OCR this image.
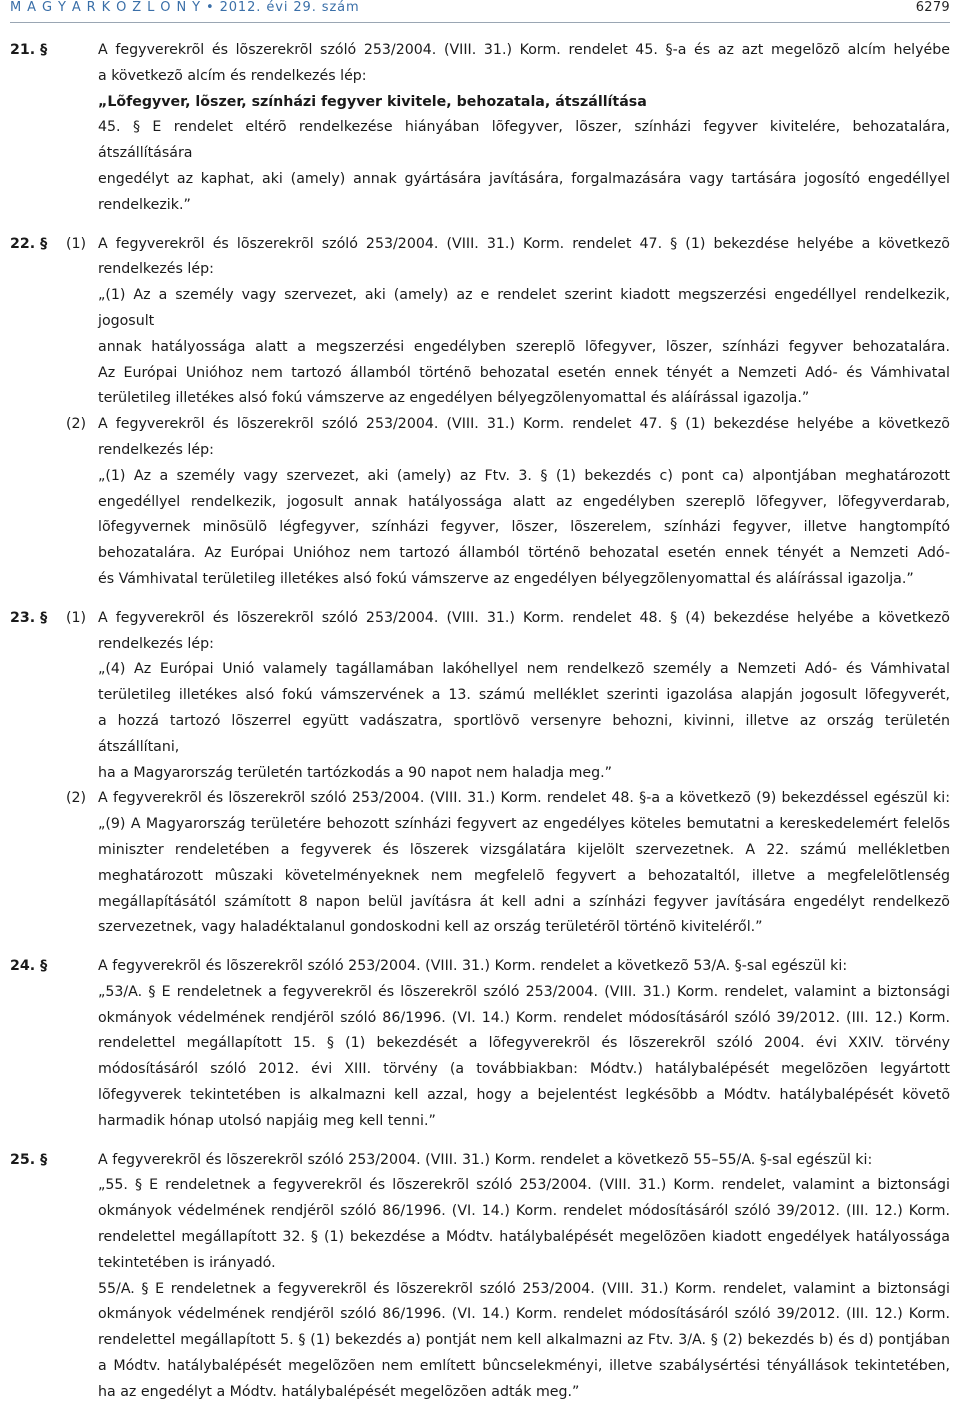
M A G Y A R K Ö Z L Ö N Y • 2012. évi 29. szám	6279
21. §	A fegyverekrõl és lõszerekrõl szóló 253/2004. (VIII. 31.) Korm. rendelet 45. §-a és az azt megelõzõ alcím helyébe
a következõ alcím és rendelkezés lép:
„Lõfegyver, lõszer, színházi fegyver kivitele, behozatala, átszállítása
45. § E rendelet eltérõ rendelkezése hiányában lõfegyver, lõszer, színházi fegyver kivitelére, behozatalára, átszállítására
engedélyt az kaphat, aki (amely) annak gyártására javítására, forgalmazására vagy tartására jogosító engedéllyel
rendelkezik.”
22. §	(1) A fegyverekrõl és lõszerekrõl szóló 253/2004. (VIII. 31.) Korm. rendelet 47. § (1) bekezdése helyébe a következõ
rendelkezés lép:
„(1) Az a személy vagy szervezet, aki (amely) az e rendelet szerint kiadott megszerzési engedéllyel rendelkezik, jogosult
annak hatályossága alatt a megszerzési engedélyben szereplõ lõfegyver, lõszer, színházi fegyver behozatalára.
Az Európai Unióhoz nem tartozó államból történõ behozatal esetén ennek tényét a Nemzeti Adó- és Vámhivatal
területileg illetékes alsó fokú vámszerve az engedélyen bélyegzõlenyomattal és aláírással igazolja.”
(2) A fegyverekrõl és lõszerekrõl szóló 253/2004. (VIII. 31.) Korm. rendelet 47. § (1) bekezdése helyébe a következõ
rendelkezés lép:
„(1) Az a személy vagy szervezet, aki (amely) az Ftv. 3. § (1) bekezdés c) pont ca) alpontjában meghatározott
engedéllyel rendelkezik, jogosult annak hatályossága alatt az engedélyben szereplõ lõfegyver, lõfegyverdarab,
lõfegyvernek minõsülõ légfegyver, színházi fegyver, lõszer, lõszerelem, színházi fegyver, illetve hangtompító
behozatalára. Az Európai Unióhoz nem tartozó államból történõ behozatal esetén ennek tényét a Nemzeti Adó-
és Vámhivatal területileg illetékes alsó fokú vámszerve az engedélyen bélyegzõlenyomattal és aláírással igazolja.”
23. §	(1) A fegyverekrõl és lõszerekrõl szóló 253/2004. (VIII. 31.) Korm. rendelet 48. § (4) bekezdése helyébe a következõ
rendelkezés lép:
„(4) Az Európai Unió valamely tagállamában lakóhellyel nem rendelkezõ személy a Nemzeti Adó- és Vámhivatal
területileg illetékes alsó fokú vámszervének a 13. számú melléklet szerinti igazolása alapján jogosult lõfegyverét,
a hozzá tartozó lõszerrel együtt vadászatra, sportlövõ versenyre behozni, kivinni, illetve az ország területén átszállítani,
ha a Magyarország területén tartózkodás a 90 napot nem haladja meg.”
(2) A fegyverekrõl és lõszerekrõl szóló 253/2004. (VIII. 31.) Korm. rendelet 48. §-a a következõ (9) bekezdéssel egészül ki:
„(9) A Magyarország területére behozott színházi fegyvert az engedélyes köteles bemutatni a kereskedelemért felelõs
miniszter rendeletében a fegyverek és lõszerek vizsgálatára kijelölt szervezetnek. A 22. számú mellékletben
meghatározott mûszaki követelményeknek nem megfelelõ fegyvert a behozataltól, illetve a megfelelõtlenség
megállapításától számított 8 napon belül javításra át kell adni a színházi fegyver javítására engedélyt rendelkezõ
szervezetnek, vagy haladéktalanul gondoskodni kell az ország területérõl történõ kiviteléről.”
24. §	A fegyverekrõl és lõszerekrõl szóló 253/2004. (VIII. 31.) Korm. rendelet a következõ 53/A. §-sal egészül ki:
„53/A. § E rendeletnek a fegyverekrõl és lõszerekrõl szóló 253/2004. (VIII. 31.) Korm. rendelet, valamint a biztonsági
okmányok védelmének rendjérõl szóló 86/1996. (VI. 14.) Korm. rendelet módosításáról szóló 39/2012. (III. 12.) Korm.
rendelettel megállapított 15. § (1) bekezdését a lõfegyverekrõl és lõszerekrõl szóló 2004. évi XXIV. törvény
módosításáról szóló 2012. évi XIII. törvény (a továbbiakban: Módtv.) hatálybalépését megelõzõen legyártott
lõfegyverek tekintetében is alkalmazni kell azzal, hogy a bejelentést legkésõbb a Módtv. hatálybalépését követõ
harmadik hónap utolsó napjáig meg kell tenni.”
25. §	A fegyverekrõl és lõszerekrõl szóló 253/2004. (VIII. 31.) Korm. rendelet a következõ 55–55/A. §-sal egészül ki:
„55. § E rendeletnek a fegyverekrõl és lõszerekrõl szóló 253/2004. (VIII. 31.) Korm. rendelet, valamint a biztonsági
okmányok védelmének rendjérõl szóló 86/1996. (VI. 14.) Korm. rendelet módosításáról szóló 39/2012. (III. 12.) Korm.
rendelettel megállapított 32. § (1) bekezdése a Módtv. hatálybalépését megelõzõen kiadott engedélyek hatályossága
tekintetében is irányadó.
55/A. § E rendeletnek a fegyverekrõl és lõszerekrõl szóló 253/2004. (VIII. 31.) Korm. rendelet, valamint a biztonsági
okmányok védelmének rendjérõl szóló 86/1996. (VI. 14.) Korm. rendelet módosításáról szóló 39/2012. (III. 12.) Korm.
rendelettel megállapított 5. § (1) bekezdés a) pontját nem kell alkalmazni az Ftv. 3/A. § (2) bekezdés b) és d) pontjában
a Módtv. hatálybalépését megelõzõen nem említett bûncselekményi, illetve szabálysértési tényállások tekintetében,
ha az engedélyt a Módtv. hatálybalépését megelõzõen adták meg.”
